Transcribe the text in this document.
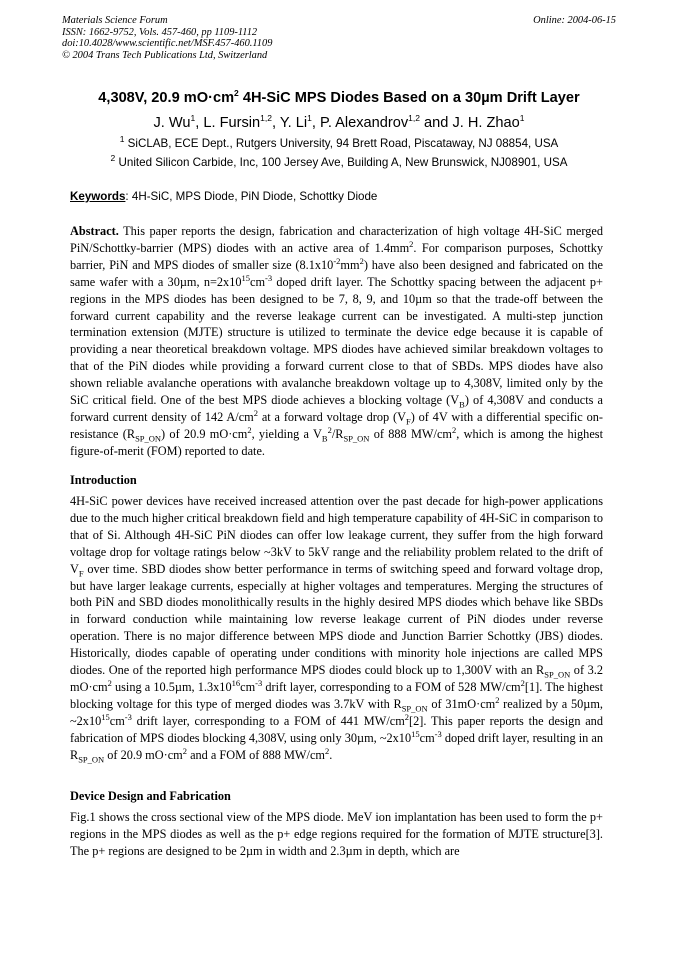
Materials Science Forum
ISSN: 1662-9752, Vols. 457-460, pp 1109-1112
doi:10.4028/www.scientific.net/MSF.457-460.1109
© 2004 Trans Tech Publications Ltd, Switzerland
Online: 2004-06-15
4,308V, 20.9 $mO\cdot cm^2$ 4H-SiC MPS Diodes Based on a 30µm Drift Layer
J. Wu$^1$, L. Fursin$^{1,2}$, Y. Li$^1$, P. Alexandrov$^{1,2}$ and J. H. Zhao$^1$
$^1$ SiCLAB, ECE Dept., Rutgers University, 94 Brett Road, Piscataway, NJ 08854, USA
$^2$ United Silicon Carbide, Inc, 100 Jersey Ave, Building A, New Brunswick, NJ08901, USA
Keywords: 4H-SiC, MPS Diode, PiN Diode, Schottky Diode
Abstract. This paper reports the design, fabrication and characterization of high voltage 4H-SiC merged PiN/Schottky-barrier (MPS) diodes with an active area of $1.4mm^2$. For comparison purposes, Schottky barrier, PiN and MPS diodes of smaller size $(8.1x10^{-2}mm^2)$ have also been designed and fabricated on the same wafer with a 30µm, $n=2x10^{15}cm^{-3}$ doped drift layer. The Schottky spacing between the adjacent p+ regions in the MPS diodes has been designed to be 7, 8, 9, and 10µm so that the trade-off between the forward current capability and the reverse leakage current can be investigated. A multi-step junction termination extension (MJTE) structure is utilized to terminate the device edge because it is capable of providing a near theoretical breakdown voltage. MPS diodes have achieved similar breakdown voltages to that of the PiN diodes while providing a forward current close to that of SBDs. MPS diodes have also shown reliable avalanche operations with avalanche breakdown voltage up to 4,308V, limited only by the SiC critical field. One of the best MPS diode achieves a blocking voltage $(V_B)$ of 4,308V and conducts a forward current density of 142 $A/cm^2$ at a forward voltage drop $(V_F)$ of 4V with a differential specific on-resistance $(R_{SP\_ON})$ of 20.9 $mO\cdot cm^2$, yielding a $V_B^2/R_{SP\_ON}$ of 888 $MW/cm^2$, which is among the highest figure-of-merit (FOM) reported to date.
Introduction
4H-SiC power devices have received increased attention over the past decade for high-power applications due to the much higher critical breakdown field and high temperature capability of 4H-SiC in comparison to that of Si. Although 4H-SiC PiN diodes can offer low leakage current, they suffer from the high forward voltage drop for voltage ratings below ~3kV to 5kV range and the reliability problem related to the drift of $V_F$ over time. SBD diodes show better performance in terms of switching speed and forward voltage drop, but have larger leakage currents, especially at higher voltages and temperatures. Merging the structures of both PiN and SBD diodes monolithically results in the highly desired MPS diodes which behave like SBDs in forward conduction while maintaining low reverse leakage current of PiN diodes under reverse operation. There is no major difference between MPS diode and Junction Barrier Schottky (JBS) diodes. Historically, diodes capable of operating under conditions with minority hole injections are called MPS diodes. One of the reported high performance MPS diodes could block up to 1,300V with an $R_{SP\_ON}$ of 3.2 $mO\cdot cm^2$ using a 10.5µm, $1.3x10^{16}cm^{-3}$ drift layer, corresponding to a FOM of 528 $MW/cm^2[1]$. The highest blocking voltage for this type of merged diodes was 3.7kV with $R_{SP\_ON}$ of $31mO\cdot cm^2$ realized by a 50µm, $\sim 2x10^{15}cm^{-3}$ drift layer, corresponding to a FOM of 441 $MW/cm^2[2]$. This paper reports the design and fabrication of MPS diodes blocking 4,308V, using only 30µm, $\sim 2x10^{15}cm^{-3}$ doped drift layer, resulting in an $R_{SP\_ON}$ of 20.9 $mO\cdot cm^2$ and a FOM of 888 $MW/cm^2$.
Device Design and Fabrication
Fig.1 shows the cross sectional view of the MPS diode. MeV ion implantation has been used to form the p+ regions in the MPS diodes as well as the p+ edge regions required for the formation of MJTE structure[3]. The p+ regions are designed to be 2µm in width and 2.3µm in depth, which are
